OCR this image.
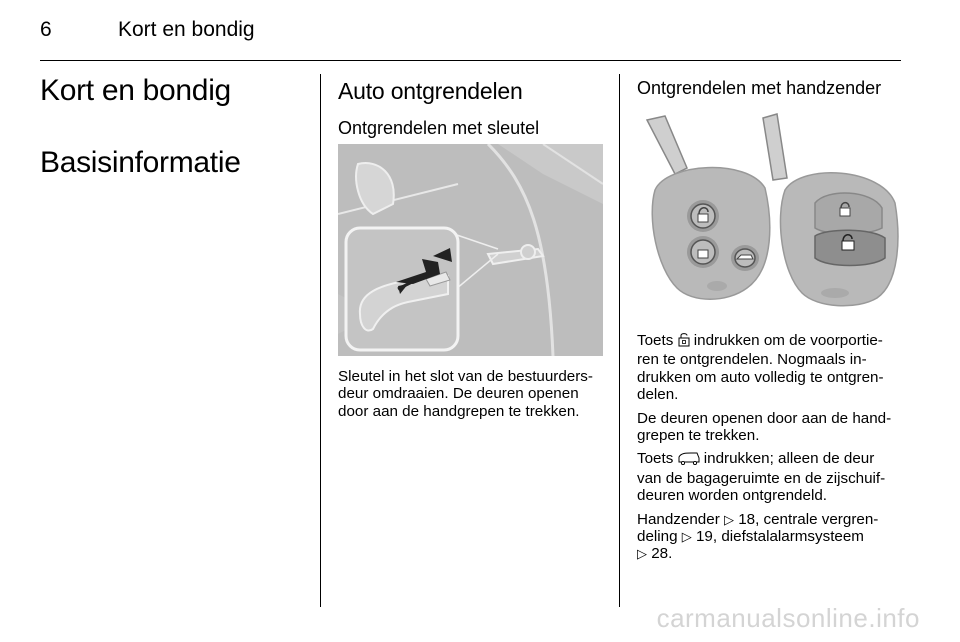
6	Kort en bondig
Kort en bondig
Basisinformatie
Auto ontgrendelen
Ontgrendelen met sleutel
Sleutel in het slot van de bestuurders-
deur omdraaien. De deuren openen
door aan de handgrepen te trekken.
Ontgrendelen met handzender

Toets  indrukken om de voorportie-
ren te ontgrendelen. Nogmaals in-
drukken om auto volledig te ontgren-
delen.

De deuren openen door aan de hand-
grepen te trekken.

Toets  indrukken; alleen de deur
van de bagageruimte en de zijschuif-
deuren worden ontgrendeld.

Handzender ▷ 18, centrale vergren-
deling ▷ 19, diefstalalarmsysteem
▷ 28.

carmanualsonline.info
